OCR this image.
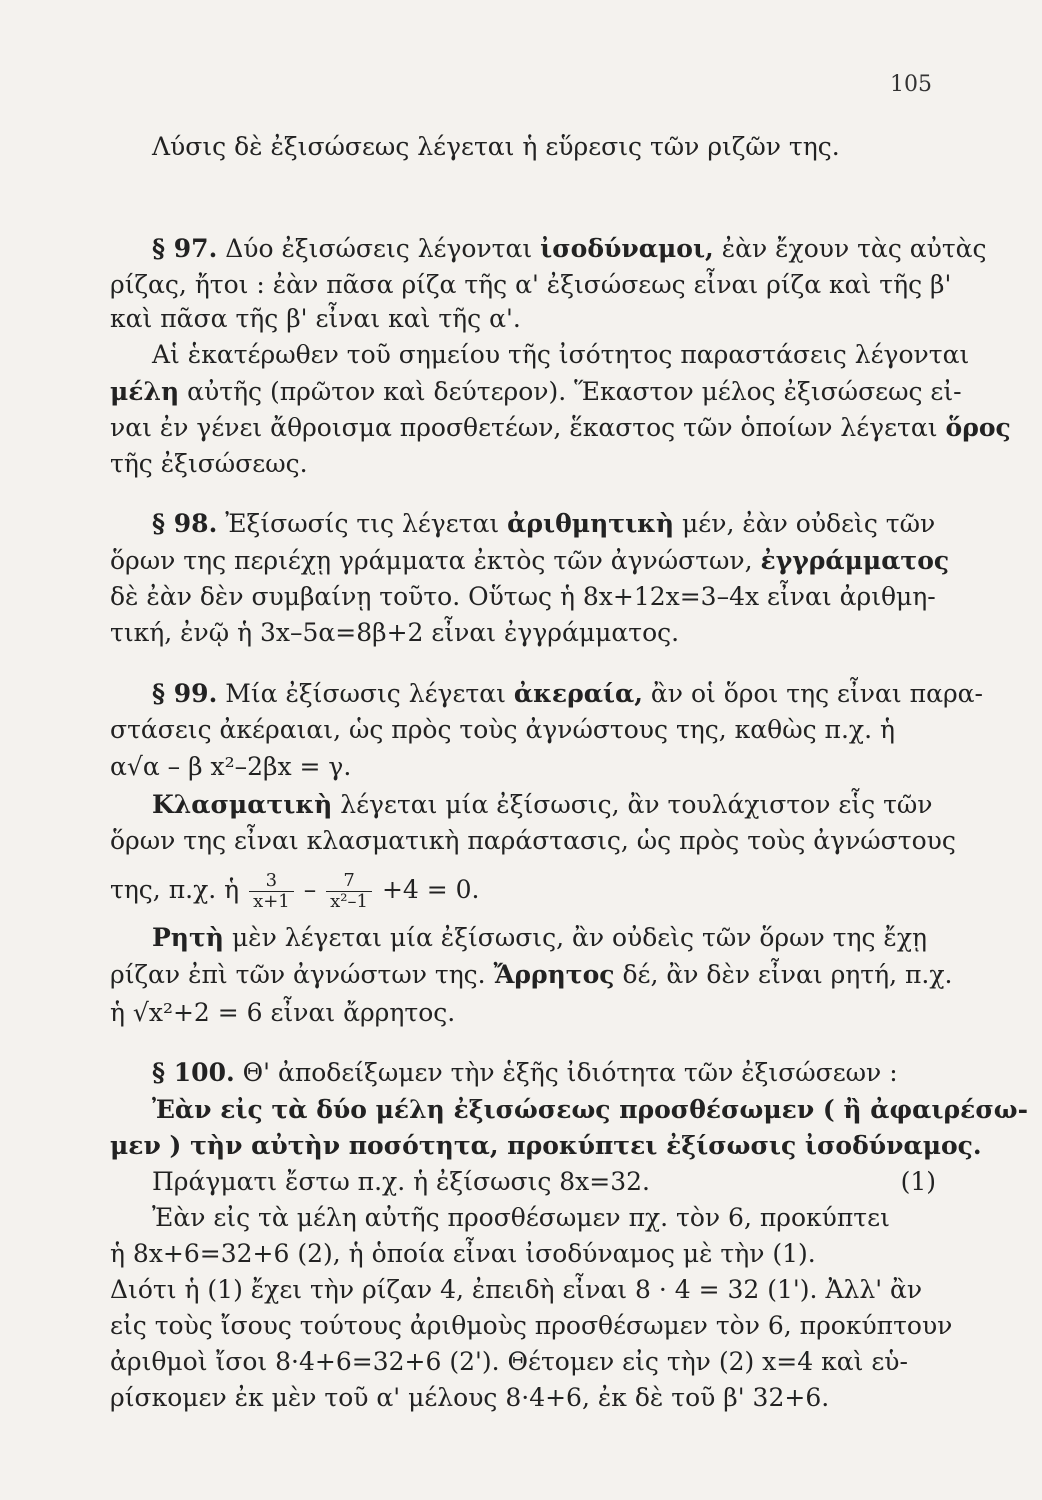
105
Λύσις δὲ ἐξισώσεως λέγεται ἡ εὕρεσις τῶν ριζῶν της.
§ 97. Δύο ἐξισώσεις λέγονται ἰσοδύναμοι, ἐὰν ἔχουν τὰς αὐτὰς
ρίζας, ἤτοι : ἐὰν πᾶσα ρίζα τῆς α' ἐξισώσεως εἶναι ρίζα καὶ τῆς β'
καὶ πᾶσα τῆς β' εἶναι καὶ τῆς α'.
Αἱ ἑκατέρωθεν τοῦ σημείου τῆς ἰσότητος παραστάσεις λέγονται
μέλη αὐτῆς (πρῶτον καὶ δεύτερον). Ἕκαστον μέλος ἐξισώσεως εἰ-
ναι ἐν γένει ἄθροισμα προσθετέων, ἕκαστος τῶν ὁποίων λέγεται ὅρος
τῆς ἐξισώσεως.
§ 98. Ἐξίσωσίς τις λέγεται ἀριθμητικὴ μέν, ἐὰν οὐδεὶς τῶν
ὅρων της περιέχῃ γράμματα ἐκτὸς τῶν ἀγνώστων, ἐγγράμματος
δὲ ἐὰν δὲν συμβαίνῃ τοῦτο. Οὕτως ἡ 8x+12x=3–4x εἶναι ἀριθμη-
τική, ἐνῷ ἡ 3x–5α=8β+2 εἶναι ἐγγράμματος.
§ 99. Μία ἐξίσωσις λέγεται ἀκεραία, ἂν οἱ ὅροι της εἶναι παρα-
στάσεις ἀκέραιαι, ὡς πρὸς τοὺς ἀγνώστους της, καθὼς π.χ. ἡ
α√α – β x²–2βx = γ.
Κλασματικὴ λέγεται μία ἐξίσωσις, ἂν τουλάχιστον εἷς τῶν
ὅρων της εἶναι κλασματικὴ παράστασις, ὡς πρὸς τοὺς ἀγνώστους
της, π.χ. ἡ $\frac{3}{x+1} - \frac{7}{\text{x²–1}} +4 = 0$.
Ρητὴ μὲν λέγεται μία ἐξίσωσις, ἂν οὐδεὶς τῶν ὅρων της ἔχῃ
ρίζαν ἐπὶ τῶν ἀγνώστων της. Ἄρρητος δέ, ἂν δὲν εἶναι ρητή, π.χ.
ἡ √x²+2 = 6 εἶναι ἄρρητος.
§ 100. Θ' ἀποδείξωμεν τὴν ἑξῆς ἰδιότητα τῶν ἐξισώσεων :
Ἐὰν εἰς τὰ δύο μέλη ἐξισώσεως προσθέσωμεν ( ἢ ἀφαιρέσω-
μεν ) τὴν αὐτὴν ποσότητα, προκύπτει ἐξίσωσις ἰσοδύναμος.
Πράγματι ἔστω π.χ. ἡ ἐξίσωσις 8x=32.	(1)
Ἐὰν εἰς τὰ μέλη αὐτῆς προσθέσωμεν πχ. τὸν 6, προκύπτει
ἡ 8x+6=32+6 (2), ἡ ὁποία εἶναι ἰσοδύναμος μὲ τὴν (1).
Διότι ἡ (1) ἔχει τὴν ρίζαν 4, ἐπειδὴ εἶναι 8 · 4 = 32 (1'). Ἀλλ' ἂν
εἰς τοὺς ἴσους τούτους ἀριθμοὺς προσθέσωμεν τὸν 6, προκύπτουν
ἀριθμοὶ ἴσοι 8·4+6=32+6 (2'). Θέτομεν εἰς τὴν (2) x=4 καὶ εὑ-
ρίσκομεν ἐκ μὲν τοῦ α' μέλους 8·4+6, ἐκ δὲ τοῦ β' 32+6.
